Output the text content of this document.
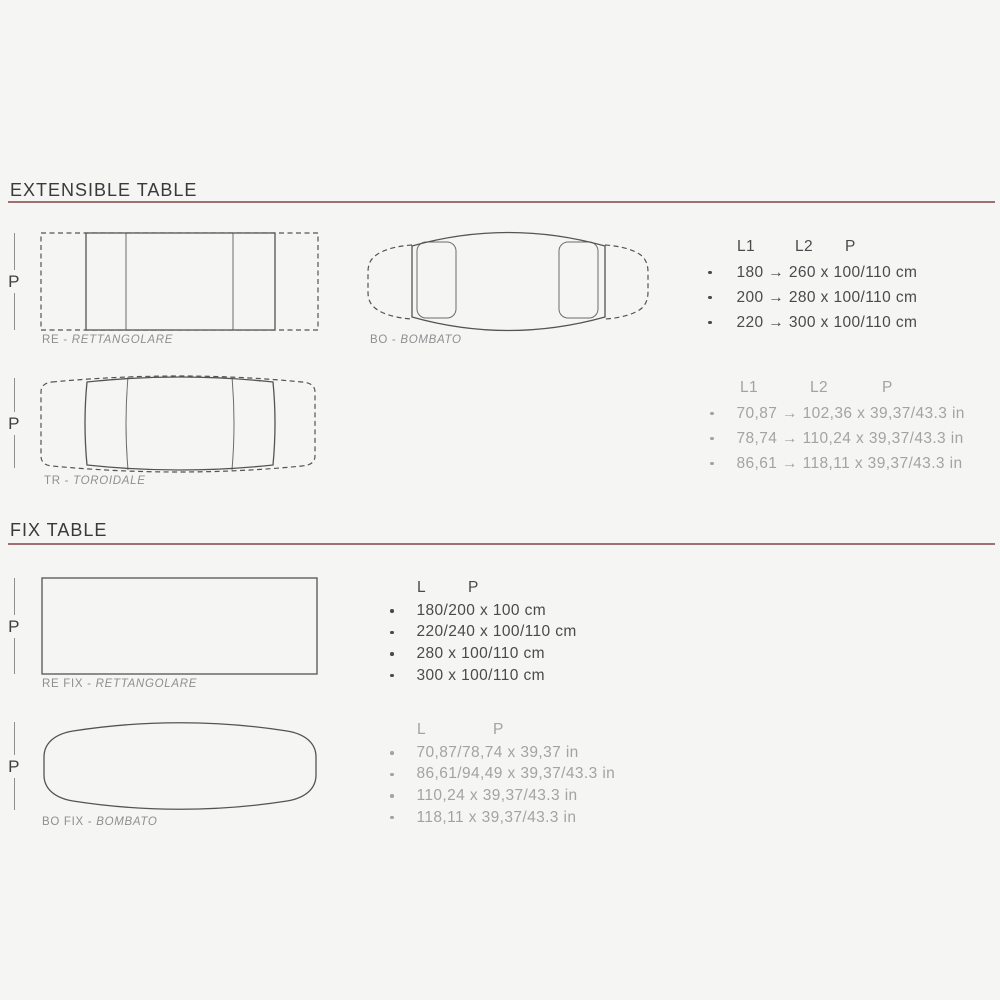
EXTENSIBLE TABLE
P
RE - RETTANGOLARE	BO - BOMBATO
L1	L2	P
180 → 260 x 100/110 cm
200 → 280 x 100/110 cm
220 → 300 x 100/110 cm
P
TR - TOROIDALE
L1	L2	P
70,87 → 102,36 x 39,37/43.3 in
78,74 → 110,24 x 39,37/43.3 in
86,61 → 118,11 x 39,37/43.3 in
FIX TABLE
P
RE FIX - RETTANGOLARE
L	P
180/200 x 100 cm
220/240 x 100/110 cm
280 x 100/110 cm
300 x 100/110 cm
P
BO FIX - BOMBATO
L	P
70,87/78,74 x 39,37 in
86,61/94,49 x 39,37/43.3 in
110,24 x 39,37/43.3 in
118,11 x 39,37/43.3 in
